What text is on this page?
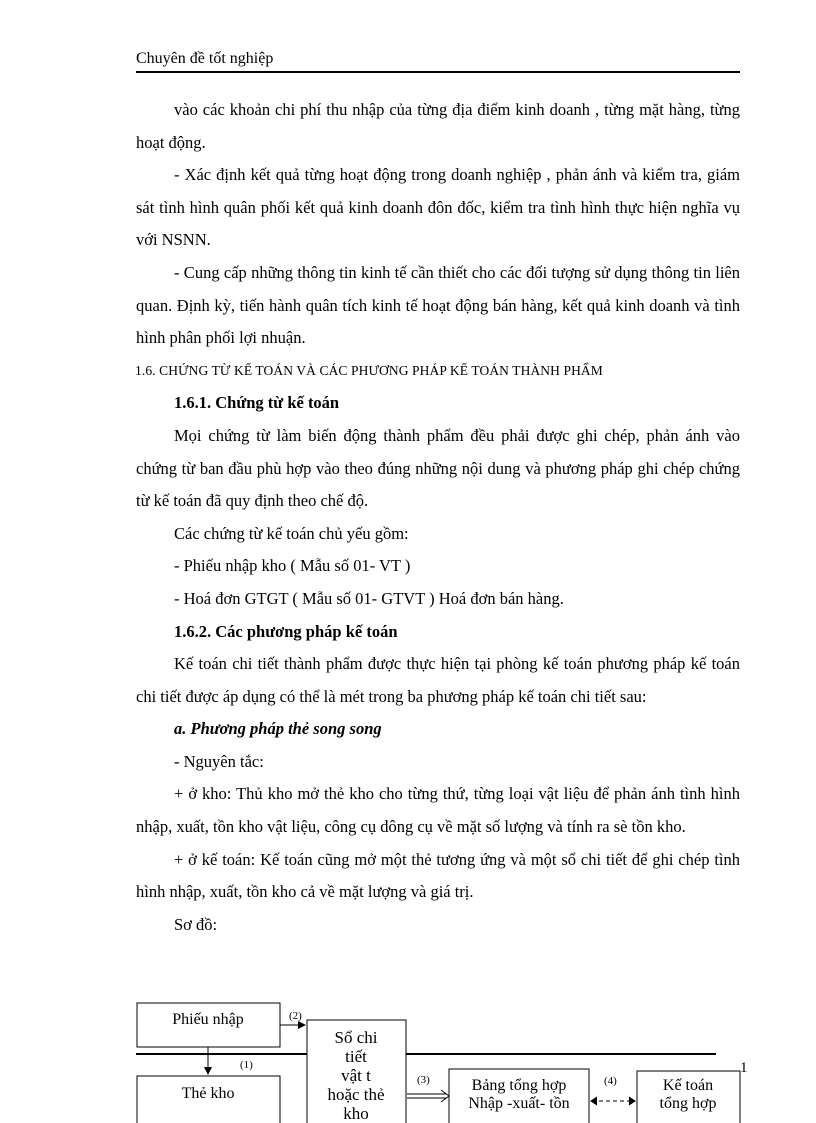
Chuyên đề tốt nghiệp

vào các khoản chi phí thu nhập của từng địa điểm kinh doanh , từng mặt hàng, từng hoạt động.

- Xác định kết quả từng hoạt động trong doanh nghiệp , phản ánh và kiểm tra, giám sát tình hình quân phối kết quả kinh doanh đôn đốc, kiểm tra tình hình thực hiện nghĩa vụ với NSNN.

- Cung cấp những thông tin kinh tế cần thiết cho các đối tượng sử dụng thông tin liên quan. Định kỳ, tiến hành quân tích kinh tế hoạt động bán hàng, kết quả kinh doanh và tình hình phân phối lợi nhuận.

1.6. CHỨNG TỪ KẾ TOÁN VÀ CÁC PHƯƠNG PHÁP KẾ TOÁN THÀNH PHẨM

1.6.1. Chứng từ kế toán

Mọi chứng từ làm biến động thành phẩm đều phải được ghi chép, phản ánh vào chứng từ ban đầu phù hợp vào theo đúng những nội dung và phương pháp ghi chép chứng từ kế toán đã quy định theo chế độ.

Các chứng từ kế toán chủ yếu gồm:

- Phiếu nhập kho ( Mẫu số 01- VT )

- Hoá đơn GTGT ( Mẫu số 01- GTVT ) Hoá đơn bán hàng.

1.6.2. Các phương pháp kế toán

Kế toán chi tiết thành phẩm được thực hiện tại phòng kế toán phương pháp kế toán chi tiết được áp dụng có thể là mét trong ba phương pháp kế toán chi tiết sau:

a. Phương pháp thẻ song song

- Nguyên tắc:

+ ở kho: Thủ kho mở thẻ kho cho từng thứ, từng loại vật liệu để phản ánh tình hình nhập, xuất, tồn kho vật liệu, công cụ dông cụ về mặt số lượng và tính ra sè tồn kho.

+ ở kế toán: Kế toán cũng mở một thẻ tương ứng và một sổ chi tiết để ghi chép tình hình nhập, xuất, tồn kho cả về mặt lượng và giá trị.

Sơ đồ:

Phiếu nhập
Thẻ kho
(1)
Sổ chi
tiết
vật t
hoặc thẻ
kho
(2)
(3)	Bảng tổng hợp
Nhập -xuất- tồn
(4)	Kế toán
tổng hợp
1
